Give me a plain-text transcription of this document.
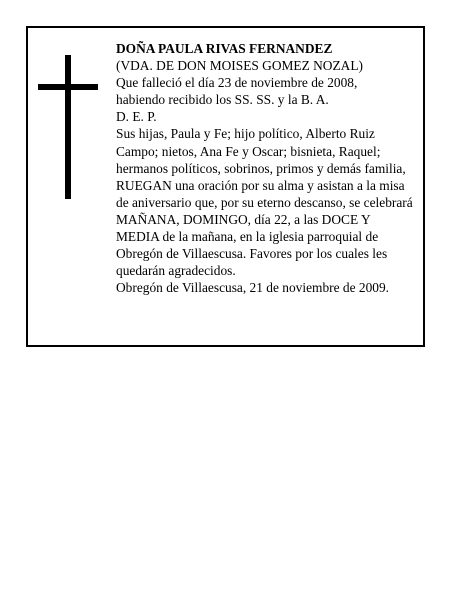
DOÑA PAULA RIVAS FERNANDEZ
(VDA. DE DON MOISES GOMEZ NOZAL)
Que falleció el día 23 de noviembre de 2008,
habiendo recibido los SS. SS. y la B. A.
D. E. P.
Sus hijas, Paula y Fe; hijo político, Alberto Ruiz
Campo; nietos, Ana Fe y Oscar; bisnieta, Raquel;
hermanos políticos, sobrinos, primos y demás familia,
RUEGAN una oración por su alma y asistan a la misa
de aniversario que, por su eterno descanso, se celebrará
MAÑANA, DOMINGO, día 22, a las DOCE Y
MEDIA de la mañana, en la iglesia parroquial de
Obregón de Villaescusa. Favores por los cuales les
quedarán agradecidos.
Obregón de Villaescusa, 21 de noviembre de 2009.
